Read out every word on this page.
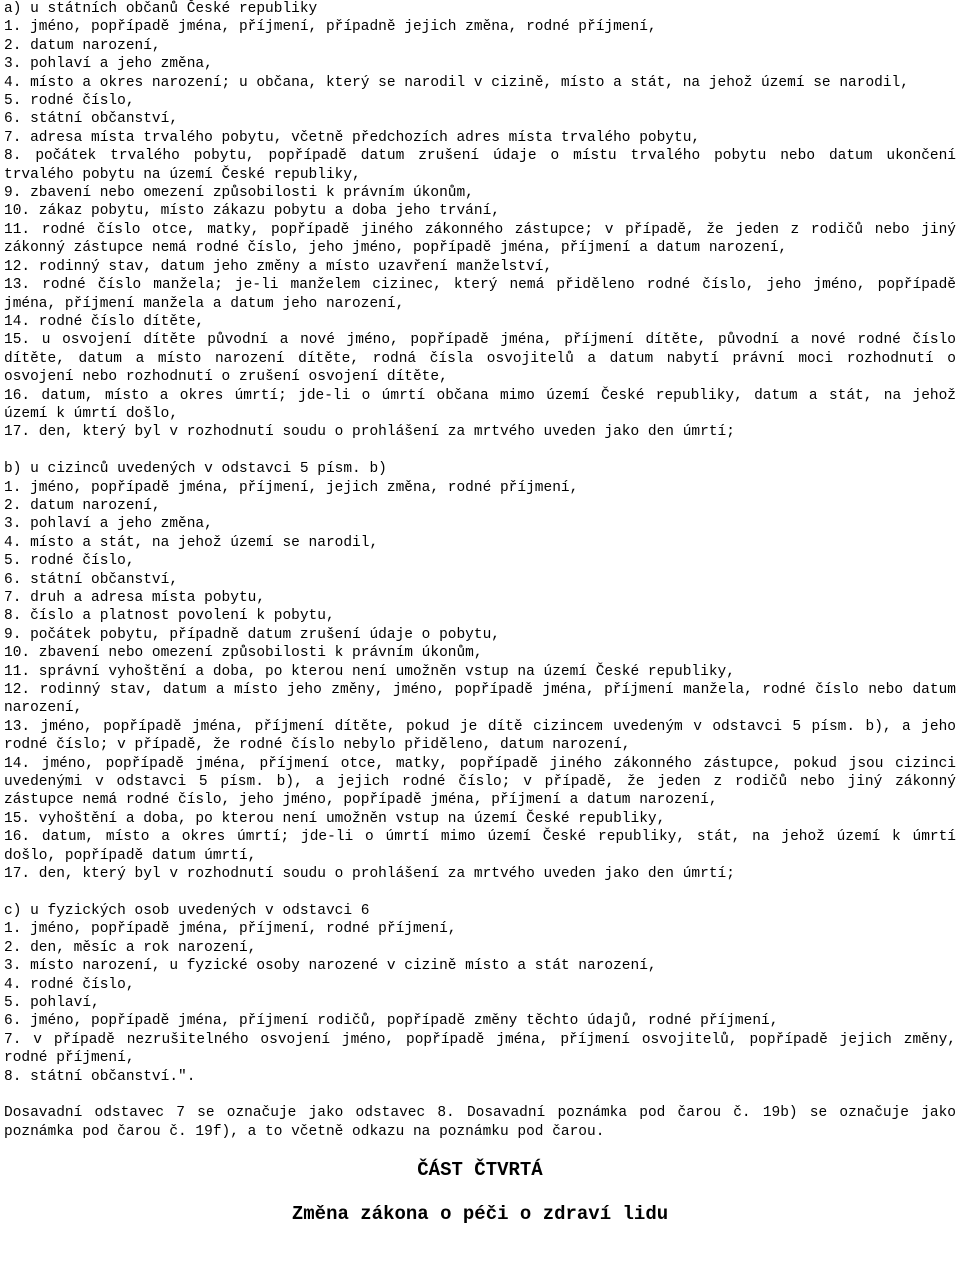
a) u státních občanů České republiky

1. jméno, popřípadě jména, příjmení, případně jejich změna, rodné příjmení,

2. datum narození,

3. pohlaví a jeho změna,

4. místo a okres narození; u občana, který se narodil v cizině, místo a stát, na jehož území se narodil,

5. rodné číslo,

6. státní občanství,

7. adresa místa trvalého pobytu, včetně předchozích adres místa trvalého pobytu,

8. počátek trvalého pobytu, popřípadě datum zrušení údaje o místu trvalého pobytu nebo datum ukončení trvalého pobytu na území České republiky,

9. zbavení nebo omezení způsobilosti k právním úkonům,

10. zákaz pobytu, místo zákazu pobytu a doba jeho trvání,

11. rodné číslo otce, matky, popřípadě jiného zákonného zástupce; v případě, že jeden z rodičů nebo jiný zákonný zástupce nemá rodné číslo, jeho jméno, popřípadě jména, příjmení a datum narození,

12. rodinný stav, datum jeho změny a místo uzavření manželství,

13. rodné číslo manžela; je-li manželem cizinec, který nemá přiděleno rodné číslo, jeho jméno, popřípadě jména, příjmení manžela a datum jeho narození,

14. rodné číslo dítěte,

15. u osvojení dítěte původní a nové jméno, popřípadě jména, příjmení dítěte, původní a nové rodné číslo dítěte, datum a místo narození dítěte, rodná čísla osvojitelů a datum nabytí právní moci rozhodnutí o osvojení nebo rozhodnutí o zrušení osvojení dítěte,

16. datum, místo a okres úmrtí; jde-li o úmrtí občana mimo území České republiky, datum a stát, na jehož území k úmrtí došlo,

17. den, který byl v rozhodnutí soudu o prohlášení za mrtvého uveden jako den úmrtí;

b) u cizinců uvedených v odstavci 5 písm. b)

1. jméno, popřípadě jména, příjmení, jejich změna, rodné příjmení,

2. datum narození,

3. pohlaví a jeho změna,

4. místo a stát, na jehož území se narodil,

5. rodné číslo,

6. státní občanství,

7. druh a adresa místa pobytu,

8. číslo a platnost povolení k pobytu,

9. počátek pobytu, případně datum zrušení údaje o pobytu,

10. zbavení nebo omezení způsobilosti k právním úkonům,

11. správní vyhoštění a doba, po kterou není umožněn vstup na území České republiky,

12. rodinný stav, datum a místo jeho změny, jméno, popřípadě jména, příjmení manžela, rodné číslo nebo datum narození,

13. jméno, popřípadě jména, příjmení dítěte, pokud je dítě cizincem uvedeným v odstavci 5 písm. b), a jeho rodné číslo; v případě, že rodné číslo nebylo přiděleno, datum narození,

14. jméno, popřípadě jména, příjmení otce, matky, popřípadě jiného zákonného zástupce, pokud jsou cizinci uvedenými v odstavci 5 písm. b), a jejich rodné číslo; v případě, že jeden z rodičů nebo jiný zákonný zástupce nemá rodné číslo, jeho jméno, popřípadě jména, příjmení a datum narození,

15. vyhoštění a doba, po kterou není umožněn vstup na území České republiky,

16. datum, místo a okres úmrtí; jde-li o úmrtí mimo území České republiky, stát, na jehož území k úmrtí došlo, popřípadě datum úmrtí,

17. den, který byl v rozhodnutí soudu o prohlášení za mrtvého uveden jako den úmrtí;

c) u fyzických osob uvedených v odstavci 6

1. jméno, popřípadě jména, příjmení, rodné příjmení,

2. den, měsíc a rok narození,

3. místo narození, u fyzické osoby narozené v cizině místo a stát narození,

4. rodné číslo,

5. pohlaví,

6. jméno, popřípadě jména, příjmení rodičů, popřípadě změny těchto údajů, rodné příjmení,

7. v případě nezrušitelného osvojení jméno, popřípadě jména, příjmení osvojitelů, popřípadě jejich změny, rodné příjmení,

8. státní občanství.".

Dosavadní odstavec 7 se označuje jako odstavec 8. Dosavadní poznámka pod čarou č. 19b) se označuje jako poznámka pod čarou č. 19f), a to včetně odkazu na poznámku pod čarou.

ČÁST ČTVRTÁ

Změna zákona o péči o zdraví lidu
